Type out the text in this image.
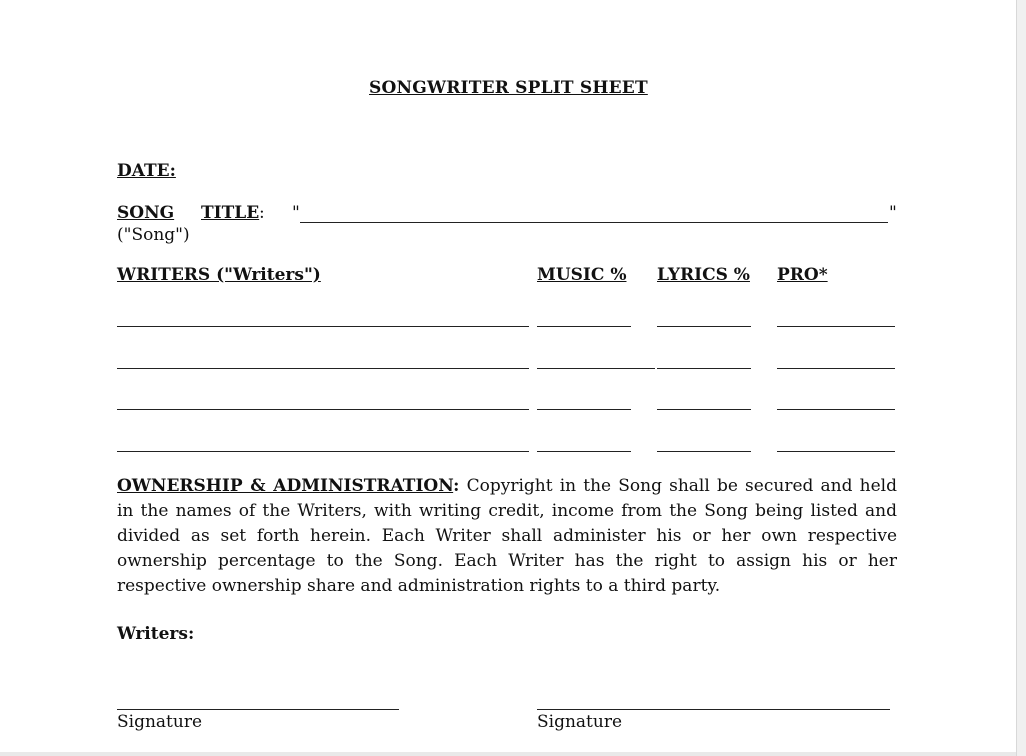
SONGWRITER SPLIT SHEET
DATE:
SONG TITLE : "	"
("Song")
WRITERS ("Writers")	MUSIC % LYRICS % PRO*
OWNERSHIP & ADMINISTRATION: Copyright in the Song shall be secured and held in the names of the Writers, with writing credit, income from the Song being listed and divided as set forth herein. Each Writer shall administer his or her own respective ownership percentage to the Song. Each Writer has the right to assign his or her respective ownership share and administration rights to a third party.
Writers:
Signature	Signature
